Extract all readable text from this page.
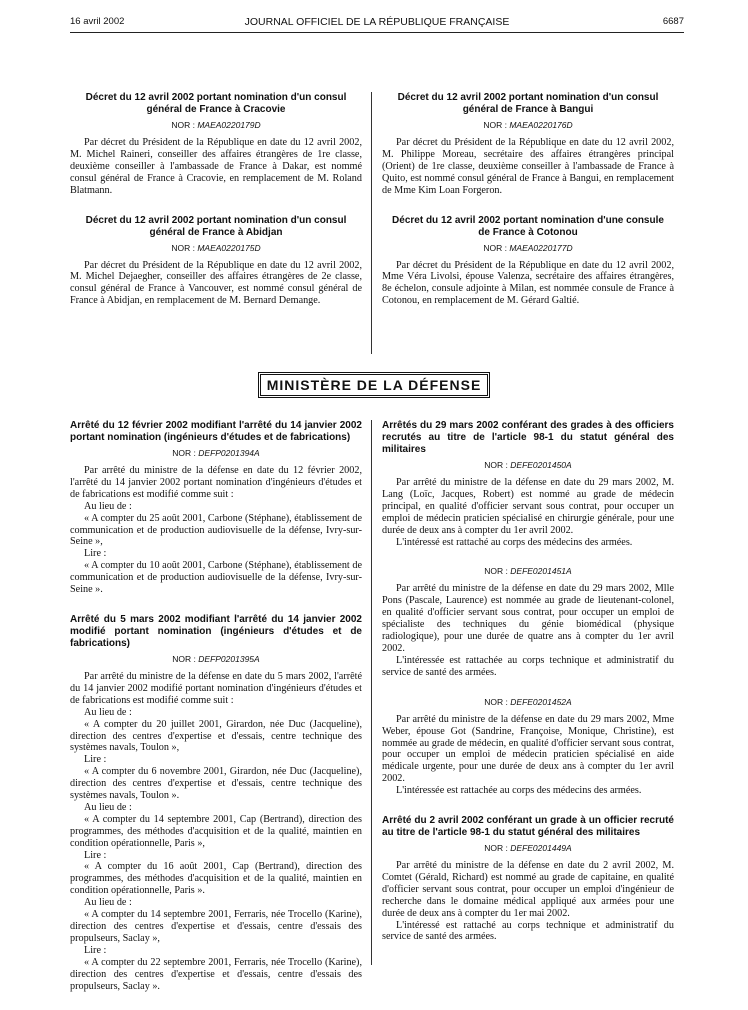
16 avril 2002	JOURNAL OFFICIEL DE LA RÉPUBLIQUE FRANÇAISE	6687
Décret du 12 avril 2002 portant nomination d'un consul général de France à Cracovie
NOR : MAEA0220179D

Par décret du Président de la République en date du 12 avril 2002, M. Michel Raineri, conseiller des affaires étrangères de 1re classe, deuxième conseiller à l'ambassade de France à Dakar, est nommé consul général de France à Cracovie, en remplacement de M. Roland Blatmann.

Décret du 12 avril 2002 portant nomination d'un consul général de France à Abidjan
NOR : MAEA0220175D

Par décret du Président de la République en date du 12 avril 2002, M. Michel Dejaegher, conseiller des affaires étrangères de 2e classe, consul général de France à Vancouver, est nommé consul général de France à Abidjan, en remplacement de M. Bernard Demange.

Décret du 12 avril 2002 portant nomination d'un consul général de France à Bangui
NOR : MAEA0220176D

Par décret du Président de la République en date du 12 avril 2002, M. Philippe Moreau, secrétaire des affaires étrangères principal (Orient) de 1re classe, deuxième conseiller à l'ambassade de France à Quito, est nommé consul général de France à Bangui, en remplacement de Mme Kim Loan Forgeron.

Décret du 12 avril 2002 portant nomination d'une consule de France à Cotonou
NOR : MAEA0220177D

Par décret du Président de la République en date du 12 avril 2002, Mme Véra Livolsi, épouse Valenza, secrétaire des affaires étrangères, 8e échelon, consule adjointe à Milan, est nommée consule de France à Cotonou, en remplacement de M. Gérard Galtié.

MINISTÈRE DE LA DÉFENSE
Arrêté du 12 février 2002 modifiant l'arrêté du 14 janvier 2002 portant nomination (ingénieurs d'études et de fabrications)
NOR : DEFP0201394A

Par arrêté du ministre de la défense en date du 12 février 2002, l'arrêté du 14 janvier 2002 portant nomination d'ingénieurs d'études et de fabrications est modifié comme suit :

Au lieu de :

« A compter du 25 août 2001, Carbone (Stéphane), établissement de communication et de production audiovisuelle de la défense, Ivry-sur-Seine »,

Lire :

« A compter du 10 août 2001, Carbone (Stéphane), établissement de communication et de production audiovisuelle de la défense, Ivry-sur-Seine ».

Arrêté du 5 mars 2002 modifiant l'arrêté du 14 janvier 2002 modifié portant nomination (ingénieurs d'études et de fabrications)
NOR : DEFP0201395A

Par arrêté du ministre de la défense en date du 5 mars 2002, l'arrêté du 14 janvier 2002 modifié portant nomination d'ingénieurs d'études et de fabrications est modifié comme suit :

Au lieu de :

« A compter du 20 juillet 2001, Girardon, née Duc (Jacqueline), direction des centres d'expertise et d'essais, centre technique des systèmes navals, Toulon »,

Lire :

« A compter du 6 novembre 2001, Girardon, née Duc (Jacqueline), direction des centres d'expertise et d'essais, centre technique des systèmes navals, Toulon ».

Au lieu de :

« A compter du 14 septembre 2001, Cap (Bertrand), direction des programmes, des méthodes d'acquisition et de la qualité, maintien en condition opérationnelle, Paris »,

Lire :

« A compter du 16 août 2001, Cap (Bertrand), direction des programmes, des méthodes d'acquisition et de la qualité, maintien en condition opérationnelle, Paris ».

Au lieu de :

« A compter du 14 septembre 2001, Ferraris, née Trocello (Karine), direction des centres d'expertise et d'essais, centre d'essais des propulseurs, Saclay »,

Lire :

« A compter du 22 septembre 2001, Ferraris, née Trocello (Karine), direction des centres d'expertise et d'essais, centre d'essais des propulseurs, Saclay ».

Arrêtés du 29 mars 2002 conférant des grades à des officiers recrutés au titre de l'article 98-1 du statut général des militaires
NOR : DEFE0201450A

Par arrêté du ministre de la défense en date du 29 mars 2002, M. Lang (Loïc, Jacques, Robert) est nommé au grade de médecin principal, en qualité d'officier servant sous contrat, pour occuper un emploi de médecin praticien spécialisé en chirurgie générale, pour une durée de deux ans à compter du 1er avril 2002.

L'intéressé est rattaché au corps des médecins des armées.

NOR : DEFE0201451A

Par arrêté du ministre de la défense en date du 29 mars 2002, Mlle Pons (Pascale, Laurence) est nommée au grade de lieutenant-colonel, en qualité d'officier servant sous contrat, pour occuper un emploi de spécialiste des techniques du génie biomédical (physique radiologique), pour une durée de quatre ans à compter du 1er avril 2002.

L'intéressée est rattachée au corps technique et administratif du service de santé des armées.

NOR : DEFE0201452A

Par arrêté du ministre de la défense en date du 29 mars 2002, Mme Weber, épouse Got (Sandrine, Françoise, Monique, Christine), est nommée au grade de médecin, en qualité d'officier servant sous contrat, pour occuper un emploi de médecin praticien spécialisé en aide médicale urgente, pour une durée de deux ans à compter du 1er avril 2002.

L'intéressée est rattachée au corps des médecins des armées.

Arrêté du 2 avril 2002 conférant un grade à un officier recruté au titre de l'article 98-1 du statut général des militaires
NOR : DEFE0201449A

Par arrêté du ministre de la défense en date du 2 avril 2002, M. Comtet (Gérald, Richard) est nommé au grade de capitaine, en qualité d'officier servant sous contrat, pour occuper un emploi d'ingénieur de recherche dans le domaine médical appliqué aux armées pour une durée de deux ans à compter du 1er mai 2002.

L'intéressé est rattaché au corps technique et administratif du service de santé des armées.
